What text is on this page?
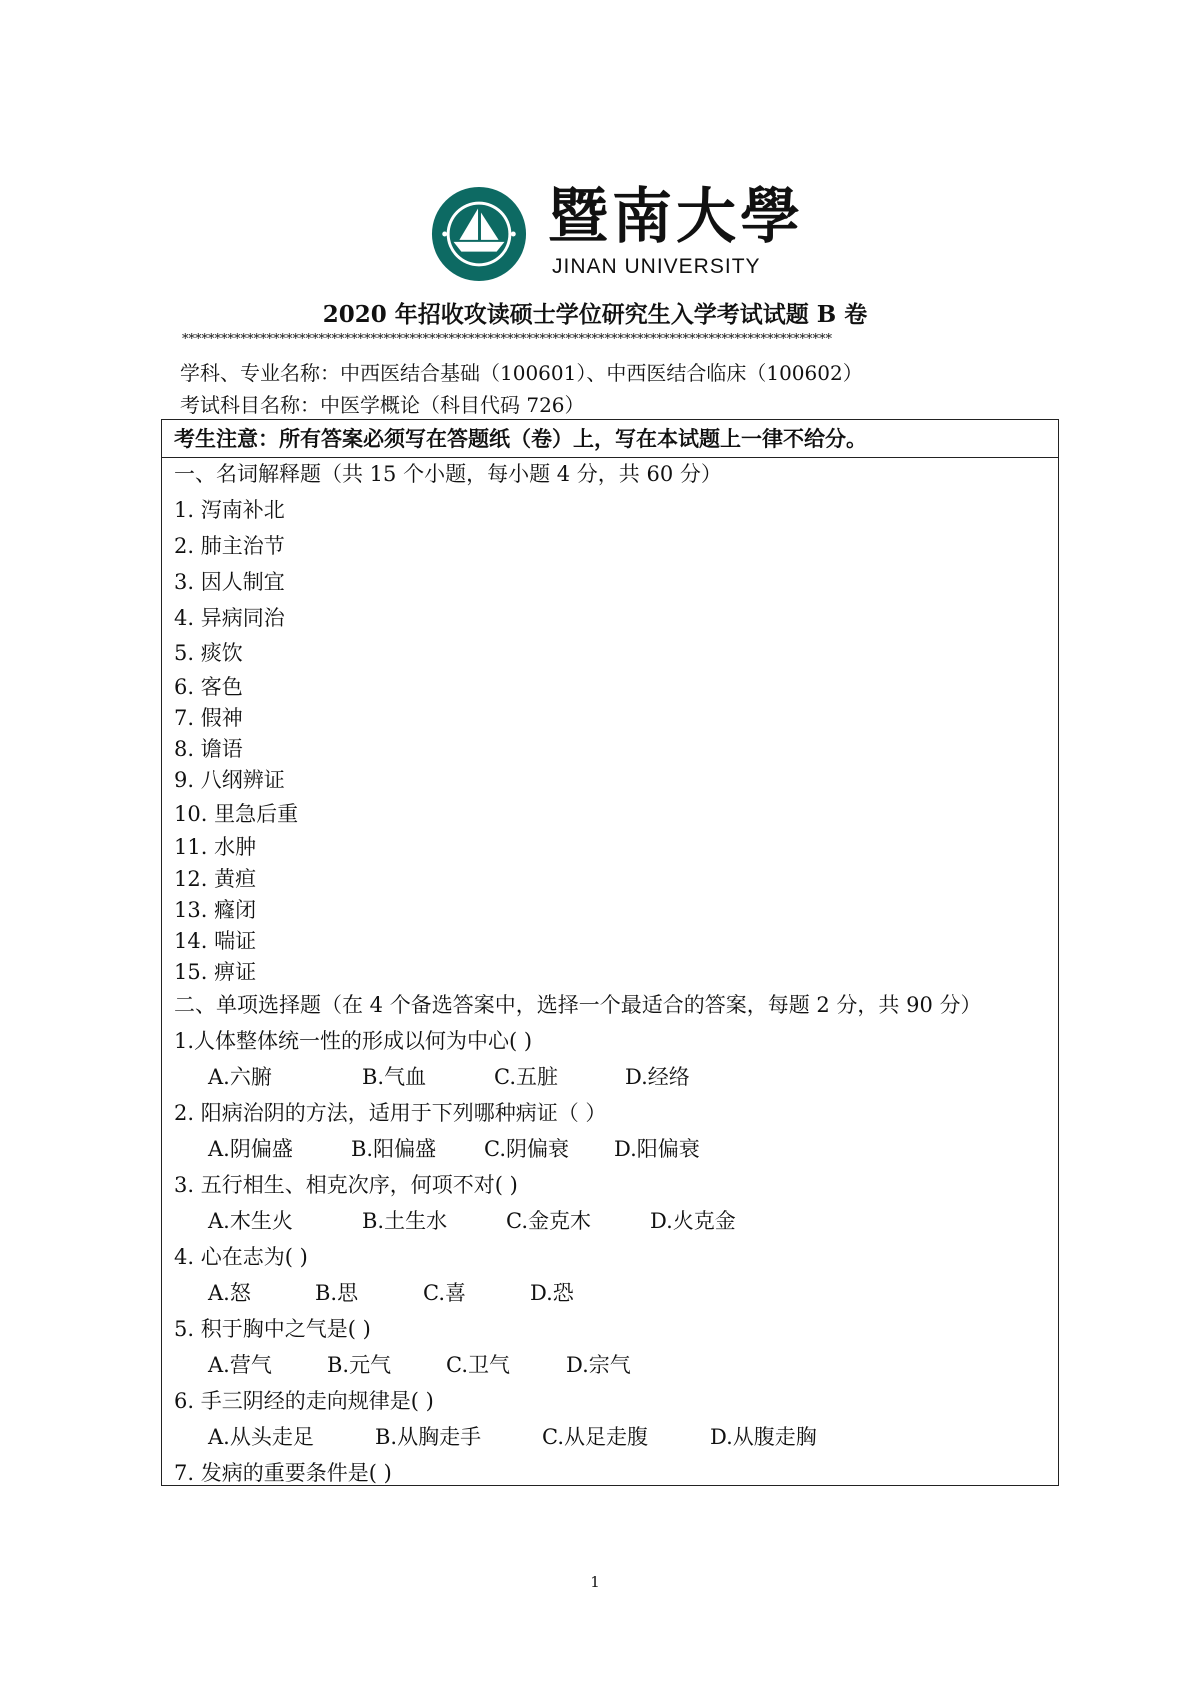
暨南大學
JINAN UNIVERSITY
2020 年招收攻读硕士学位研究生入学考试试题 B 卷
****************************************************************************************************
学科、专业名称：中西医结合基础（100601）、中西医结合临床（100602）
考试科目名称：中医学概论（科目代码 726）
考生注意：所有答案必须写在答题纸（卷）上，写在本试题上一律不给分。
一、名词解释题（共 15 个小题，每小题 4 分，共 60 分）
1. 泻南补北
2. 肺主治节
3. 因人制宜
4. 异病同治
5. 痰饮
6. 客色
7. 假神
8. 谵语
9. 八纲辨证
10. 里急后重
11. 水肿
12. 黄疸
13. 癃闭
14. 喘证
15. 痹证
二、单项选择题（在 4 个备选答案中，选择一个最适合的答案，每题 2 分，共 90 分）
1.人体整体统一性的形成以何为中心( )
A.六腑	B.气血	C.五脏	D.经络
2. 阳病治阴的方法，适用于下列哪种病证（ ）
A.阴偏盛	B.阳偏盛 C.阴偏衰 D.阳偏衰
3. 五行相生、相克次序，何项不对( )
A.木生火	B.土生水	C.金克木	D.火克金
4. 心在志为( )
A.怒	B.思	C.喜	D.恐
5. 积于胸中之气是( )
A.营气	B.元气	C.卫气	D.宗气
6. 手三阴经的走向规律是( )
A.从头走足	B.从胸走手	C.从足走腹	D.从腹走胸
7. 发病的重要条件是( )
1
